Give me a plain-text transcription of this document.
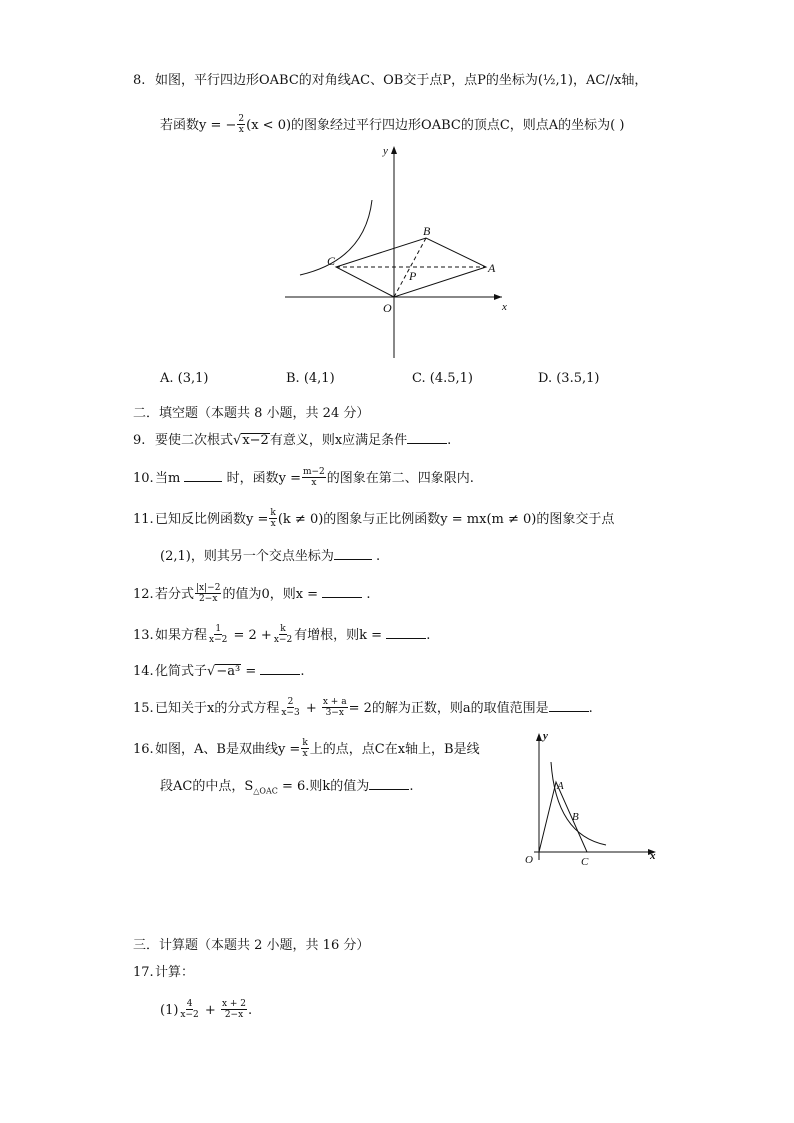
8. 如图，平行四边形OABC的对角线AC、OB交于点P，点P的坐标为(½,1)，AC//x轴，
若函数y = − $\frac{2}{x} (x < 0)$的图象经过平行四边形OABC的顶点C，则点A的坐标为( )
y
x
O
A
B
C
P
A. (3,1)	B. (4,1)	C. (4.5,1)	D. (3.5,1)
二．填空题（本题共 8 小题，共 24 分）
9. 要使二次根式√x−2有意义，则x应满足条件	.
10.当m	时，函数$y = \frac{m-2}{x}$ 的图象在第二、四象限内.
11.已知反比例函数$y = \frac{k}{x} (k \ne 0)$的图象与正比例函数y = mx(m ≠ 0)的图象交于点
(2,1)，则其另一个交点坐标为	.
12.若分式 $\frac{|x|-2}{2-x}$ 的值为0，则x =	.
13.如果方程 $\frac{1}{x-2} = 2 + \frac{k}{x-2}$ 有增根，则k =	.
14.化简式子√−a³ =	.
15.已知关于x的分式方程 $\frac{2}{x-3} + \frac{x + a}{3-x} = 2$的解为正数，则a的取值范围是	.
16.如图，A、B是双曲线$y = \frac{k}{x}$ 上的点，点C在x轴上，B是线
段AC的中点，$S_{\triangle OAC} = 6$.则k的值为	.
y
x
O
A
B
C
三．计算题（本题共 2 小题，共 16 分）
17.计算：
$(1) \frac{4}{x-2} + \frac{x + 2}{2-x}$ .
